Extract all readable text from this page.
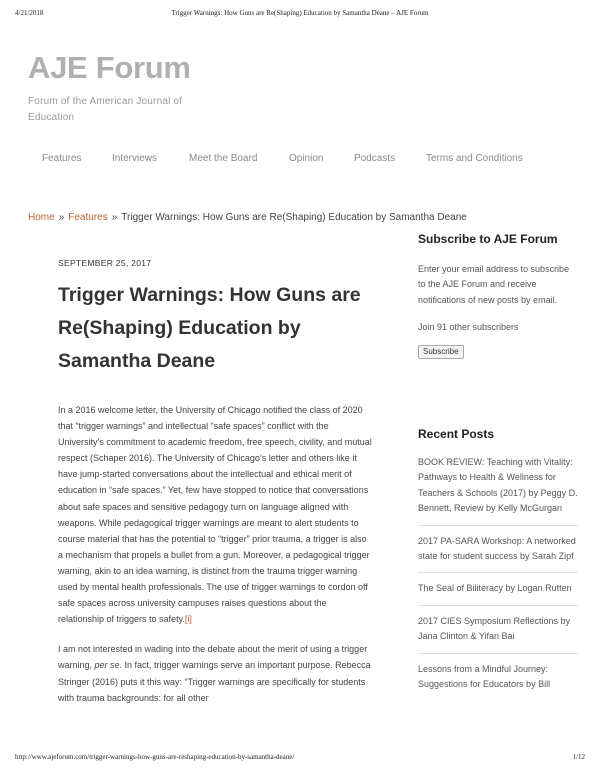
4/21/2018	Trigger Warnings: How Guns are Re(Shaping) Education by Samantha Deane – AJE Forum
AJE Forum
Forum of the American Journal of Education
Features	Interviews	Meet the Board	Opinion	Podcasts	Terms and Conditions
Home » Features » Trigger Warnings: How Guns are Re(Shaping) Education by Samantha Deane
SEPTEMBER 25, 2017
Trigger Warnings: How Guns are Re(Shaping) Education by Samantha Deane

In a 2016 welcome letter, the University of Chicago notified the class of 2020 that “trigger warnings” and intellectual “safe spaces” conflict with the University’s commitment to academic freedom, free speech, civility, and mutual respect (Schaper 2016). The University of Chicago’s letter and others like it have jump-started conversations about the intellectual and ethical merit of education in “safe spaces.” Yet, few have stopped to notice that conversations about safe spaces and sensitive pedagogy turn on language aligned with weapons. While pedagogical trigger warnings are meant to alert students to course material that has the potential to “trigger” prior trauma, a trigger is also a mechanism that propels a bullet from a gun. Moreover, a pedagogical trigger warning, akin to an idea warning, is distinct from the trauma trigger warning used by mental health professionals. The use of trigger warnings to cordon off safe spaces across university campuses raises questions about the relationship of triggers to safety.[i]

I am not interested in wading into the debate about the merit of using a trigger warning, per se. In fact, trigger warnings serve an important purpose. Rebecca Stringer (2016) puts it this way: “Trigger warnings are specifically for students with trauma backgrounds: for all other

Subscribe to AJE Forum

Enter your email address to subscribe to the AJE Forum and receive notifications of new posts by email.

Join 91 other subscribers

Subscribe
Recent Posts
BOOK REVIEW: Teaching with Vitality: Pathways to Health & Wellness for Teachers & Schools (2017) by Peggy D. Bennett, Review by Kelly McGurgan
2017 PA-SARA Workshop: A networked state for student success by Sarah Zipf
The Seal of Biliteracy by Logan Rutten
2017 CIES Symposium Reflections by Jana Clinton & Yifan Bai
Lessons from a Mindful Journey: Suggestions for Educators by Bill
http://www.ajeforum.com/trigger-warnings-how-guns-are-reshaping-education-by-samantha-deane/	1/12
